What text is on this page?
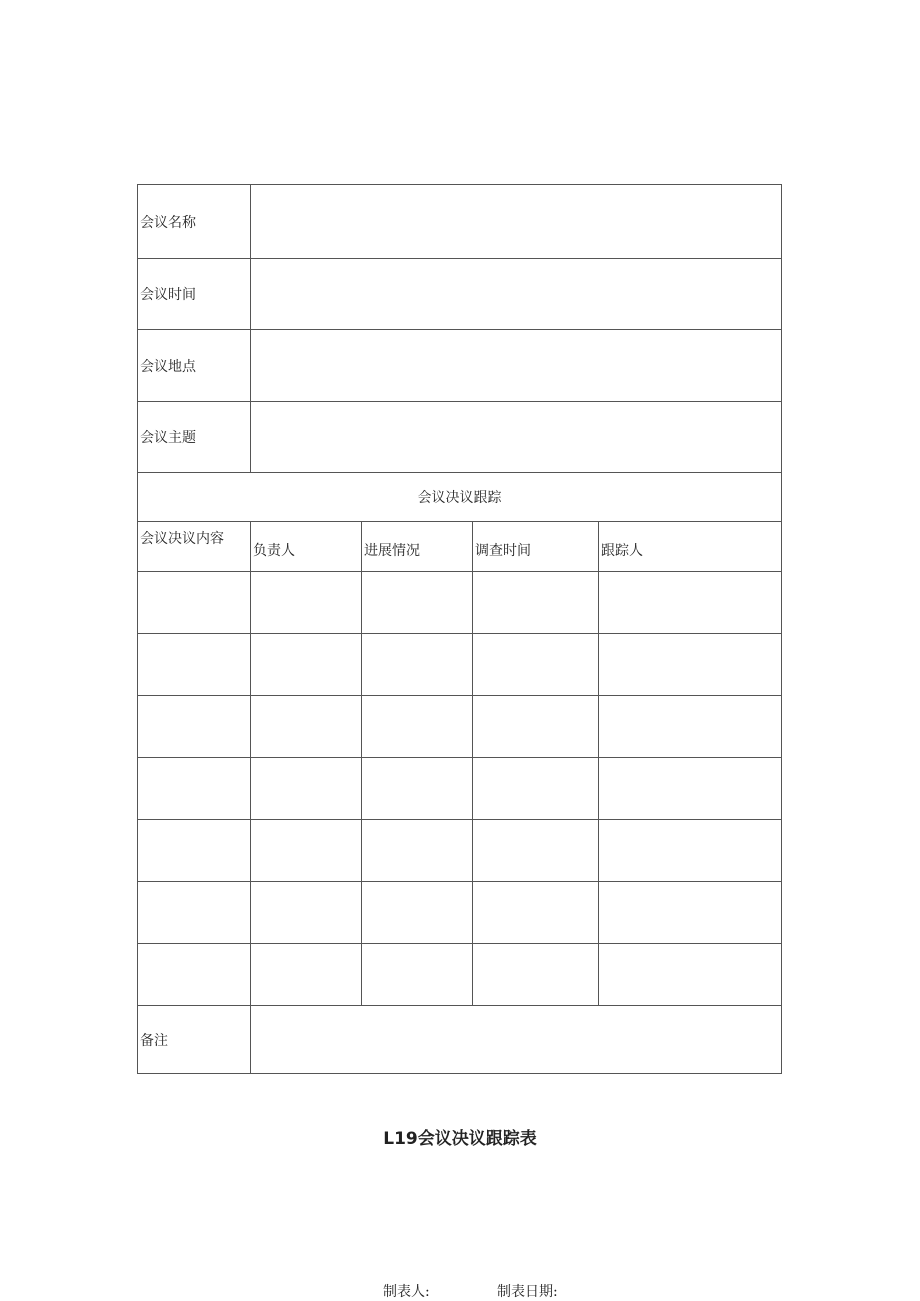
会议名称				
会议时间				
会议地点				
会议主题				
会议决议跟踪				
会议决议内容	负责人	进展情况	调查时间	跟踪人

备注				
L19会议决议跟踪表
制表人:	制表日期:
